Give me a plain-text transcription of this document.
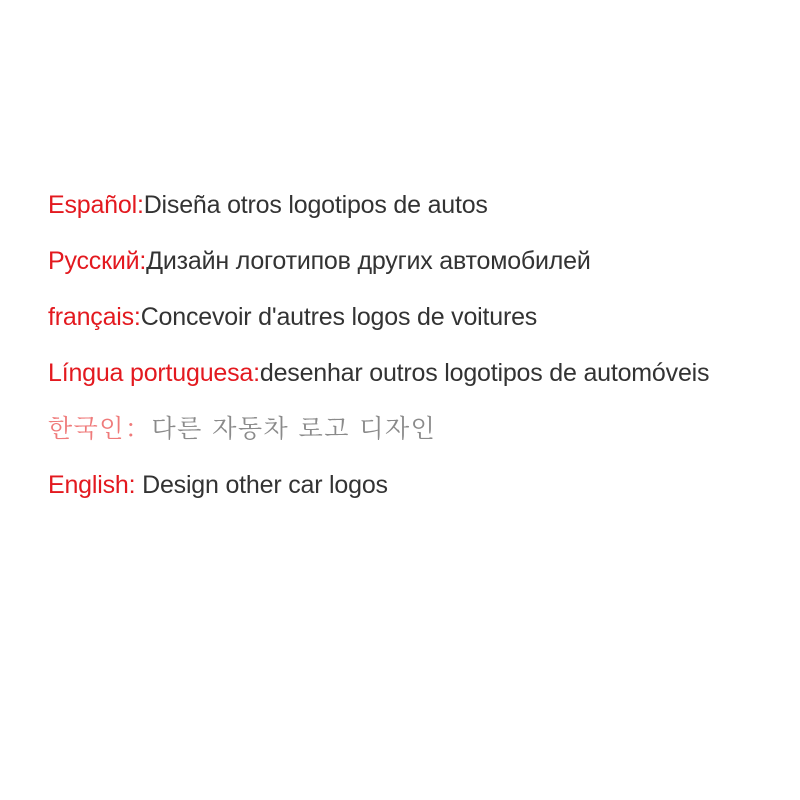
Español:Diseña otros logotipos de autos
Русский:Дизайн логотипов других автомобилей
français:Concevoir d'autres logos de voitures
Língua portuguesa:desenhar outros logotipos de automóveis
한국인：다른 자동차 로고 디자인
English: Design other car logos
